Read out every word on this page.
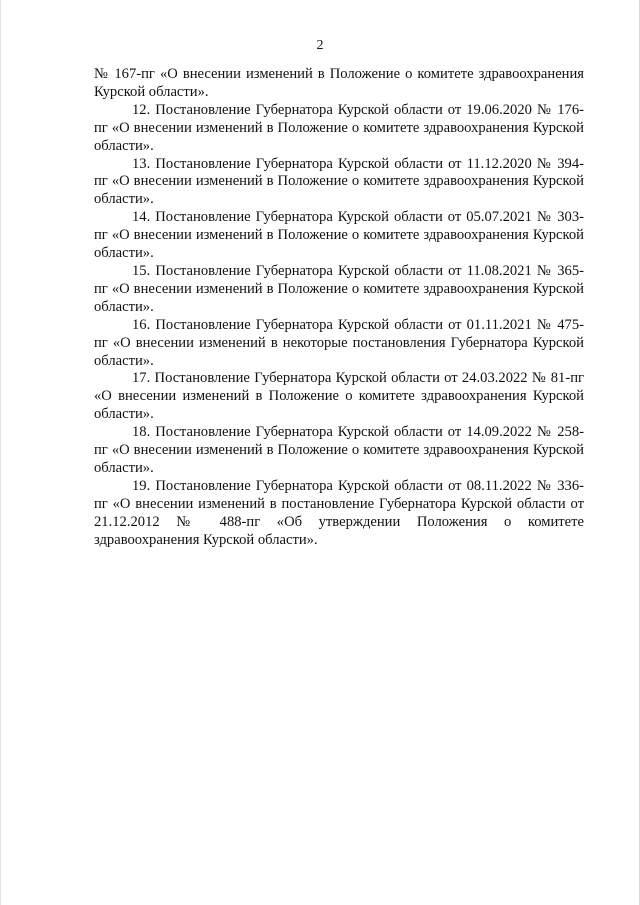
2

№ 167-пг «О внесении изменений в Положение о комитете здравоохранения Курской области».

12. Постановление Губернатора Курской области от 19.06.2020 № 176-пг «О внесении изменений в Положение о комитете здравоохранения Курской области».

13. Постановление Губернатора Курской области от 11.12.2020 № 394-пг «О внесении изменений в Положение о комитете здравоохранения Курской области».

14. Постановление Губернатора Курской области от 05.07.2021 № 303-пг «О внесении изменений в Положение о комитете здравоохранения Курской области».

15. Постановление Губернатора Курской области от 11.08.2021 № 365-пг «О внесении изменений в Положение о комитете здравоохранения Курской области».

16. Постановление Губернатора Курской области от 01.11.2021 № 475-пг «О внесении изменений в некоторые постановления Губернатора Курской области».

17. Постановление Губернатора Курской области от 24.03.2022 № 81-пг «О внесении изменений в Положение о комитете здравоохранения Курской области».

18. Постановление Губернатора Курской области от 14.09.2022 № 258-пг «О внесении изменений в Положение о комитете здравоохранения Курской области».

19. Постановление Губернатора Курской области от 08.11.2022 № 336-пг «О внесении изменений в постановление Губернатора Курской области от 21.12.2012 № 488-пг «Об утверждении Положения о комитете здравоохранения Курской области».
